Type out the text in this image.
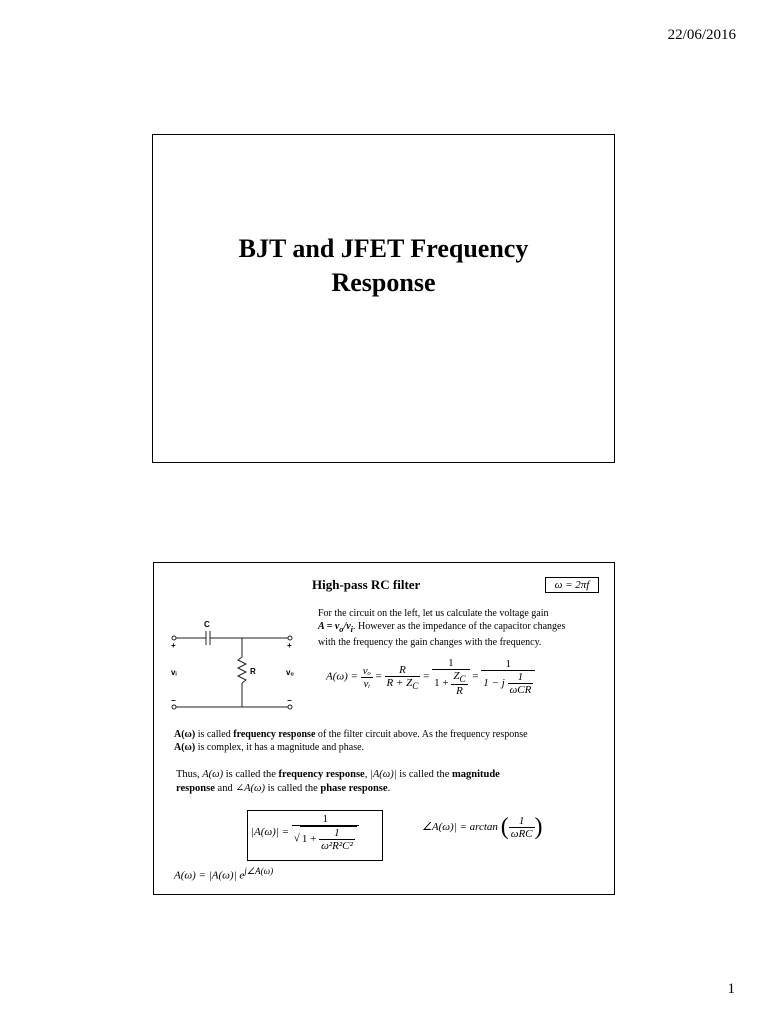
22/06/2016
BJT and JFET Frequency
Response
High-pass RC filter	ω = 2πf
For the circuit on the left, let us calculate the voltage gain
$A = v_o/v_i$. However as the impedance of the capacitor changes
with the frequency the gain changes with the frequency.
C
R
vᵢ	vₒ
+	+
−	−
$A(\omega) = \frac{\text{vₒ}}{\text{vᵢ}} = \frac{R}{R + Z_C} = \frac{1}{1 + \frac{Z_C}{R}} = \frac{1}{1 - j \frac{1}{\text{ωCR}}}$
A(ω) is called frequency response of the filter circuit above. As the frequency response
A(ω) is complex, it has a magnitude and phase.
Thus, A(ω) is called the frequency response, |A(ω)| is called the magnitude
response and ∠A(ω) is called the phase response.
$|A(\omega)| = \frac{1}{√ 1 + \frac{1}{\text{ω²R²C²}}}$	∠A(ω)| = arctan ( $\frac{1}{\text{ωRC}}$ )
A(ω) = |A(ω)| $e^{j\angle A(\omega)}$
1
